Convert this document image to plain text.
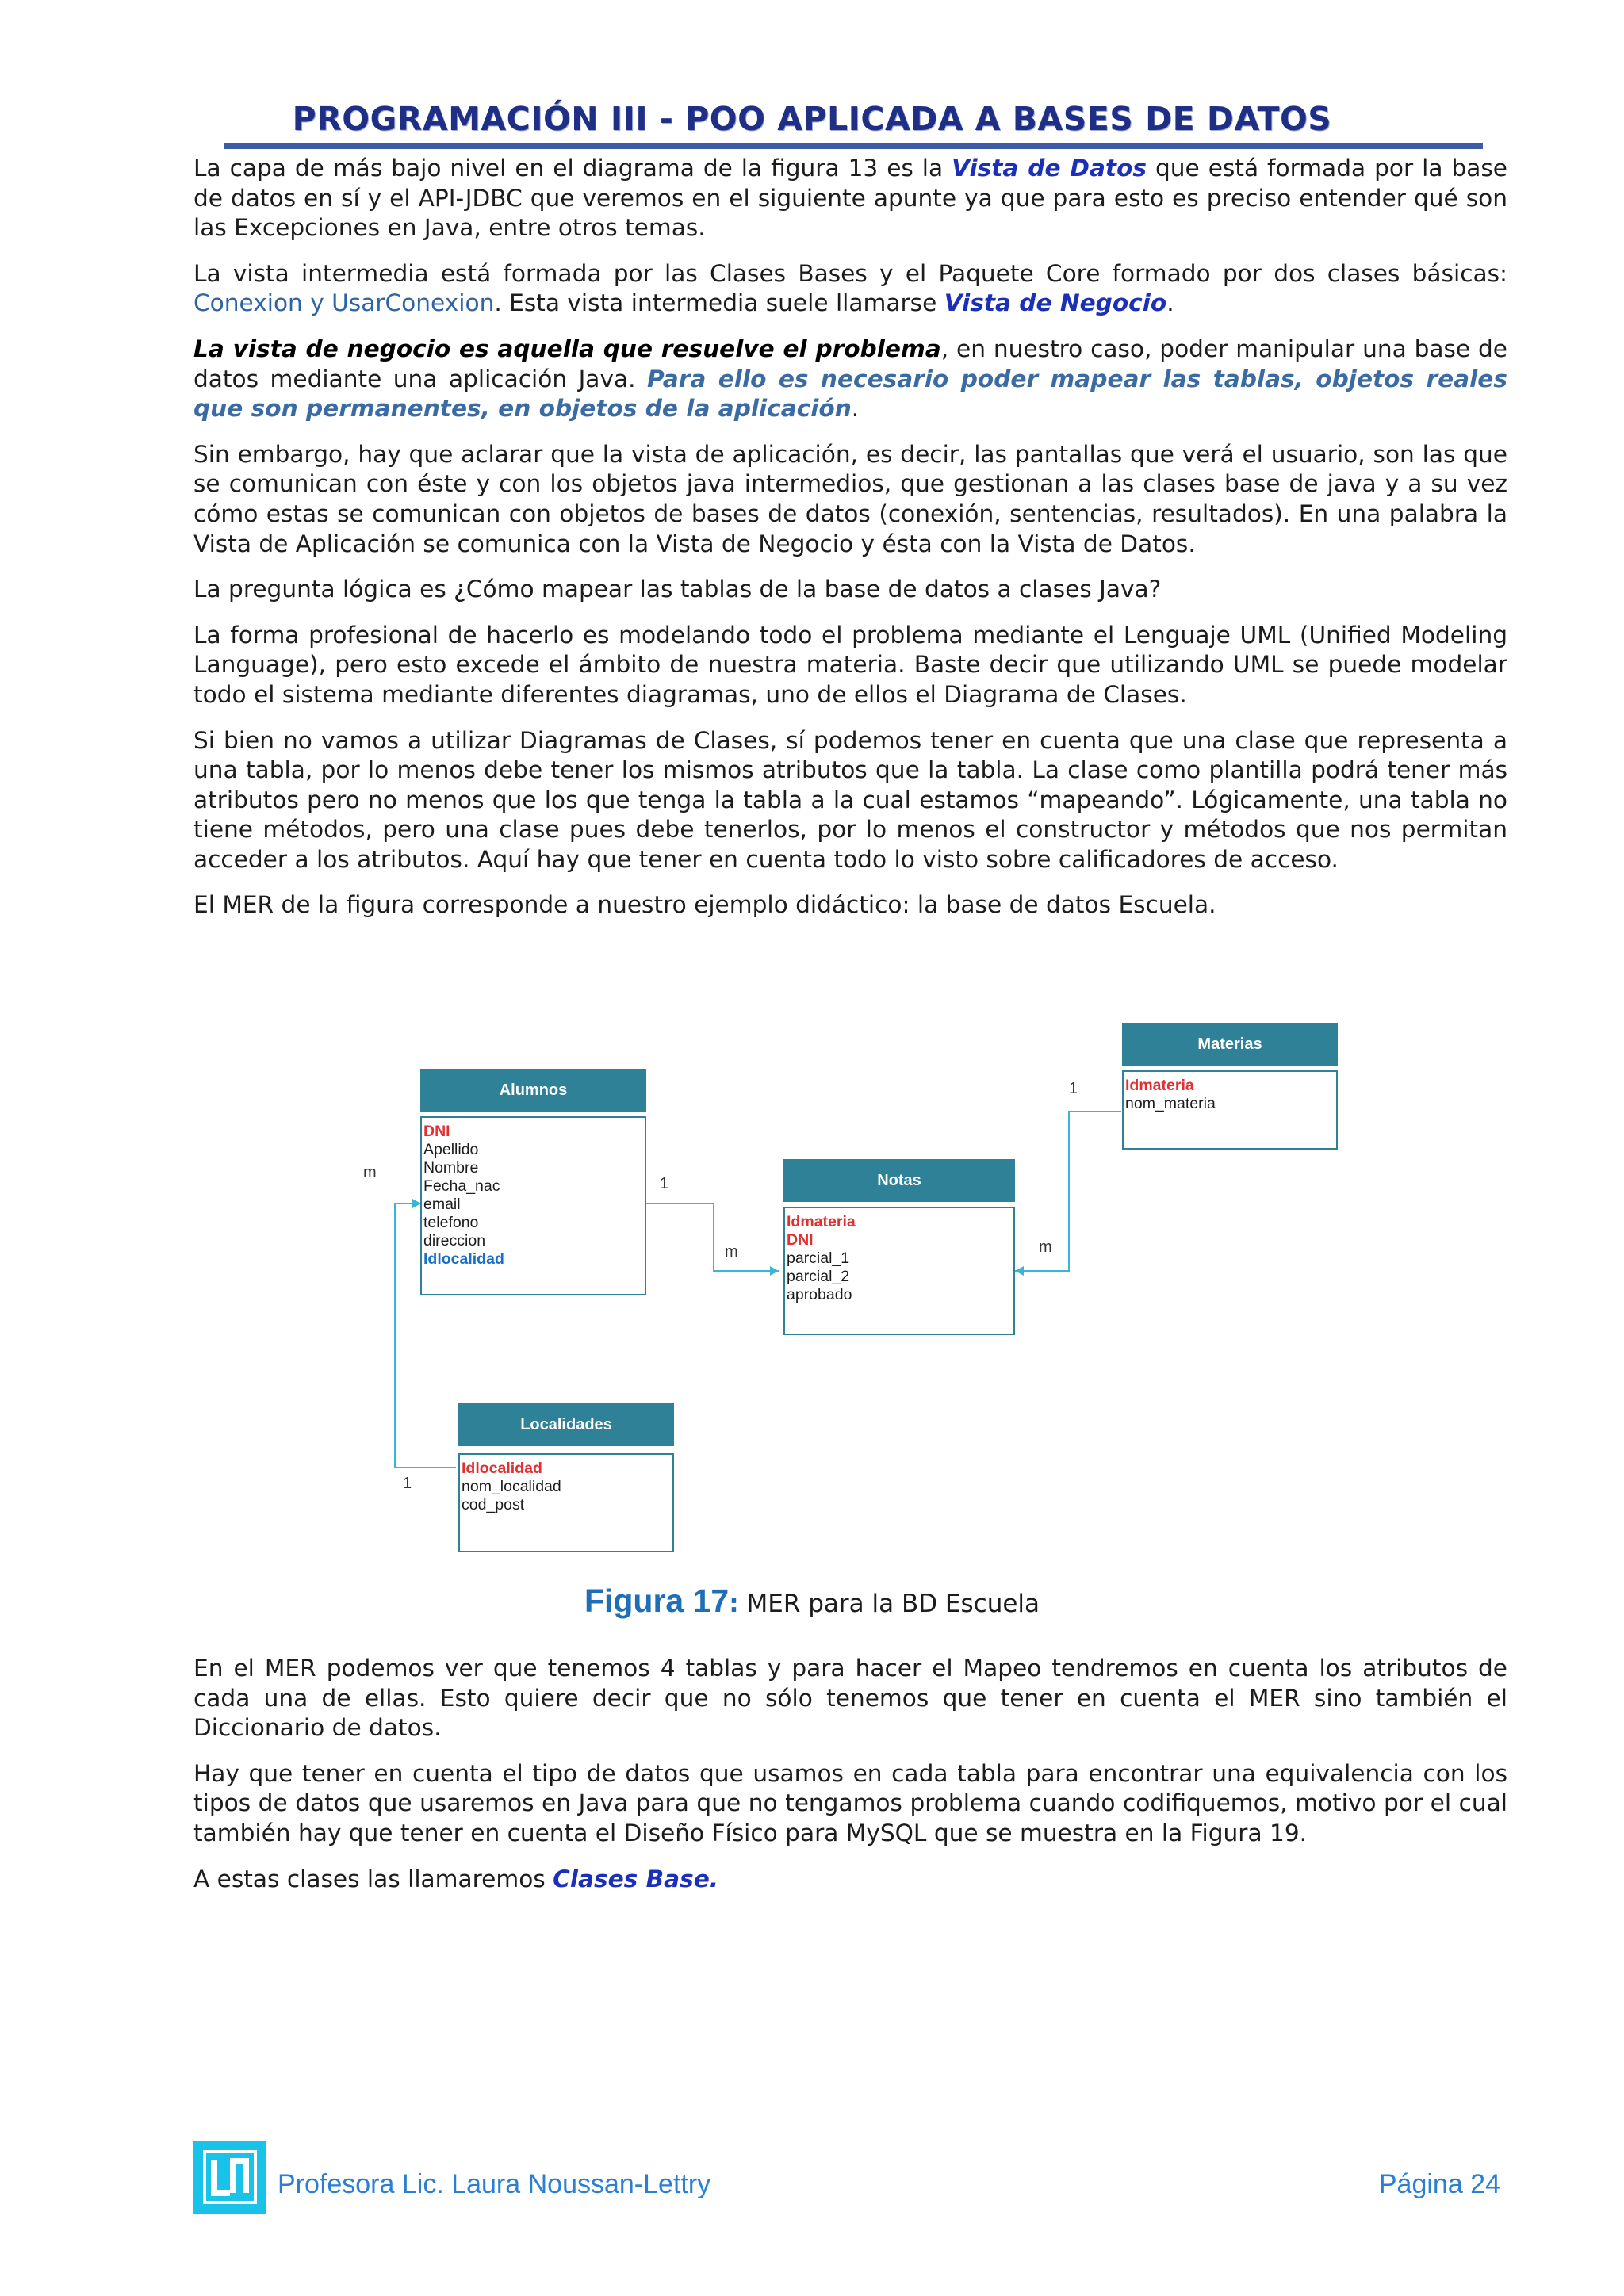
PROGRAMACIÓN III - POO APLICADA A BASES DE DATOS

La capa de más bajo nivel en el diagrama de la figura 13 es la Vista de Datos que está formada por la base de datos en sí y el API-JDBC que veremos en el siguiente apunte ya que para esto es preciso entender qué son las Excepciones en Java, entre otros temas.

La vista intermedia está formada por las Clases Bases y el Paquete Core formado por dos clases básicas: Conexion y UsarConexion. Esta vista intermedia suele llamarse Vista de Negocio.

La vista de negocio es aquella que resuelve el problema, en nuestro caso, poder manipular una base de datos mediante una aplicación Java. Para ello es necesario poder mapear las tablas, objetos reales que son permanentes, en objetos de la aplicación.

Sin embargo, hay que aclarar que la vista de aplicación, es decir, las pantallas que verá el usuario, son las que se comunican con éste y con los objetos java intermedios, que gestionan a las clases base de java y a su vez cómo estas se comunican con objetos de bases de datos (conexión, sentencias, resultados). En una palabra la Vista de Aplicación se comunica con la Vista de Negocio y ésta con la Vista de Datos.

La pregunta lógica es ¿Cómo mapear las tablas de la base de datos a clases Java?

La forma profesional de hacerlo es modelando todo el problema mediante el Lenguaje UML (Unified Modeling Language), pero esto excede el ámbito de nuestra materia. Baste decir que utilizando UML se puede modelar todo el sistema mediante diferentes diagramas, uno de ellos el Diagrama de Clases.

Si bien no vamos a utilizar Diagramas de Clases, sí podemos tener en cuenta que una clase que representa a una tabla, por lo menos debe tener los mismos atributos que la tabla. La clase como plantilla podrá tener más atributos pero no menos que los que tenga la tabla a la cual estamos “mapeando”. Lógicamente, una tabla no tiene métodos, pero una clase pues debe tenerlos, por lo menos el constructor y métodos que nos permitan acceder a los atributos. Aquí hay que tener en cuenta todo lo visto sobre calificadores de acceso.

El MER de la figura corresponde a nuestro ejemplo didáctico: la base de datos Escuela.

Alumnos
DNI
Apellido
Nombre
Fecha_nac
email
telefono
direccion
Idlocalidad
Materias
Idmateria
nom_materia
Notas
Idmateria
DNI
parcial_1
parcial_2
aprobado
Localidades
Idlocalidad
nom_localidad
cod_post
m
1
1
m
1
m
Figura 17: MER para la BD Escuela

En el MER podemos ver que tenemos 4 tablas y para hacer el Mapeo tendremos en cuenta los atributos de cada una de ellas. Esto quiere decir que no sólo tenemos que tener en cuenta el MER sino también el Diccionario de datos.

Hay que tener en cuenta el tipo de datos que usamos en cada tabla para encontrar una equivalencia con los tipos de datos que usaremos en Java para que no tengamos problema cuando codifiquemos, motivo por el cual también hay que tener en cuenta el Diseño Físico para MySQL que se muestra en la Figura 19.

A estas clases las llamaremos Clases Base.

Profesora Lic. Laura Noussan-Lettry	Página 24
